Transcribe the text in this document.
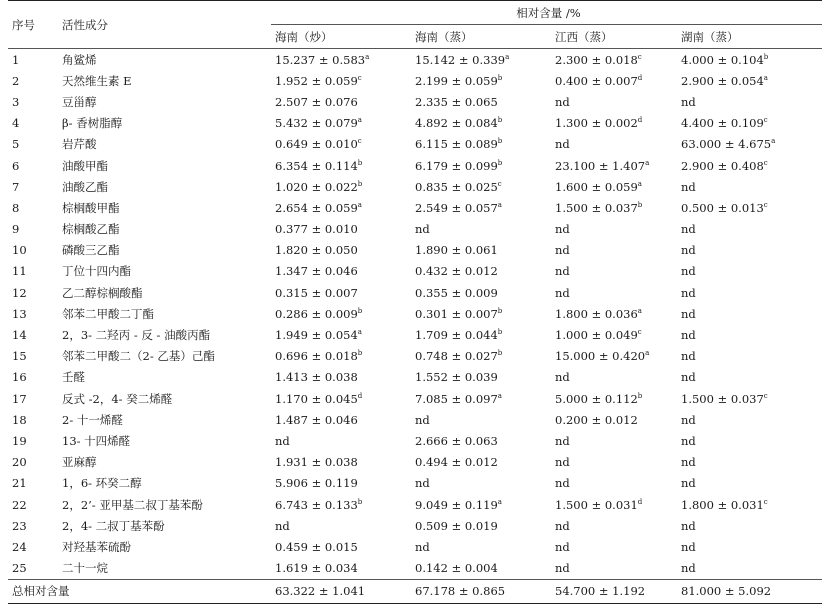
序号	活性成分	相对含量 /%			
		海南（炒）	海南（蒸）	江西（蒸）	湖南（蒸）
1	角鲨烯	15.237 ± 0.583$^a$	15.142 ± 0.339$^a$	2.300 ± 0.018$^c$	4.000 ± 0.104$^b$
2	天然维生素 E	1.952 ± 0.059$^c$	2.199 ± 0.059$^b$	0.400 ± 0.007$^d$	2.900 ± 0.054$^a$
3	豆甾醇	2.507 ± 0.076	2.335 ± 0.065	nd	nd
4	β- 香树脂醇	5.432 ± 0.079$^a$	4.892 ± 0.084$^b$	1.300 ± 0.002$^d$	4.400 ± 0.109$^c$
5	岩芹酸	0.649 ± 0.010$^c$	6.115 ± 0.089$^b$	nd	63.000 ± 4.675$^a$
6	油酸甲酯	6.354 ± 0.114$^b$	6.179 ± 0.099$^b$	23.100 ± 1.407$^a$	2.900 ± 0.408$^c$
7	油酸乙酯	1.020 ± 0.022$^b$	0.835 ± 0.025$^c$	1.600 ± 0.059$^a$	nd
8	棕榈酸甲酯	2.654 ± 0.059$^a$	2.549 ± 0.057$^a$	1.500 ± 0.037$^b$	0.500 ± 0.013$^c$
9	棕榈酸乙酯	0.377 ± 0.010	nd	nd	nd
10	磷酸三乙酯	1.820 ± 0.050	1.890 ± 0.061	nd	nd
11	丁位十四内酯	1.347 ± 0.046	0.432 ± 0.012	nd	nd
12	乙二醇棕榈酸酯	0.315 ± 0.007	0.355 ± 0.009	nd	nd
13	邻苯二甲酸二丁酯	0.286 ± 0.009$^b$	0.301 ± 0.007$^b$	1.800 ± 0.036$^a$	nd
14	2，3- 二羟丙 - 反 - 油酸丙酯	1.949 ± 0.054$^a$	1.709 ± 0.044$^b$	1.000 ± 0.049$^c$	nd
15	邻苯二甲酸二（2- 乙基）己酯	0.696 ± 0.018$^b$	0.748 ± 0.027$^b$	15.000 ± 0.420$^a$	nd
16	壬醛	1.413 ± 0.038	1.552 ± 0.039	nd	nd
17	反式 -2，4- 癸二烯醛	1.170 ± 0.045$^d$	7.085 ± 0.097$^a$	5.000 ± 0.112$^b$	1.500 ± 0.037$^c$
18	2- 十一烯醛	1.487 ± 0.046	nd	0.200 ± 0.012	nd
19	13- 十四烯醛	nd	2.666 ± 0.063	nd	nd
20	亚麻醇	1.931 ± 0.038	0.494 ± 0.012	nd	nd
21	1，6- 环癸二醇	5.906 ± 0.119	nd	nd	nd
22	2，2’- 亚甲基二叔丁基苯酚	6.743 ± 0.133$^b$	9.049 ± 0.119$^a$	1.500 ± 0.031$^d$	1.800 ± 0.031$^c$
23	2，4- 二叔丁基苯酚	nd	0.509 ± 0.019	nd	nd
24	对羟基苯硫酚	0.459 ± 0.015	nd	nd	nd
25	二十一烷	1.619 ± 0.034	0.142 ± 0.004	nd	nd
总相对含量		63.322 ± 1.041	67.178 ± 0.865	54.700 ± 1.192	81.000 ± 5.092
